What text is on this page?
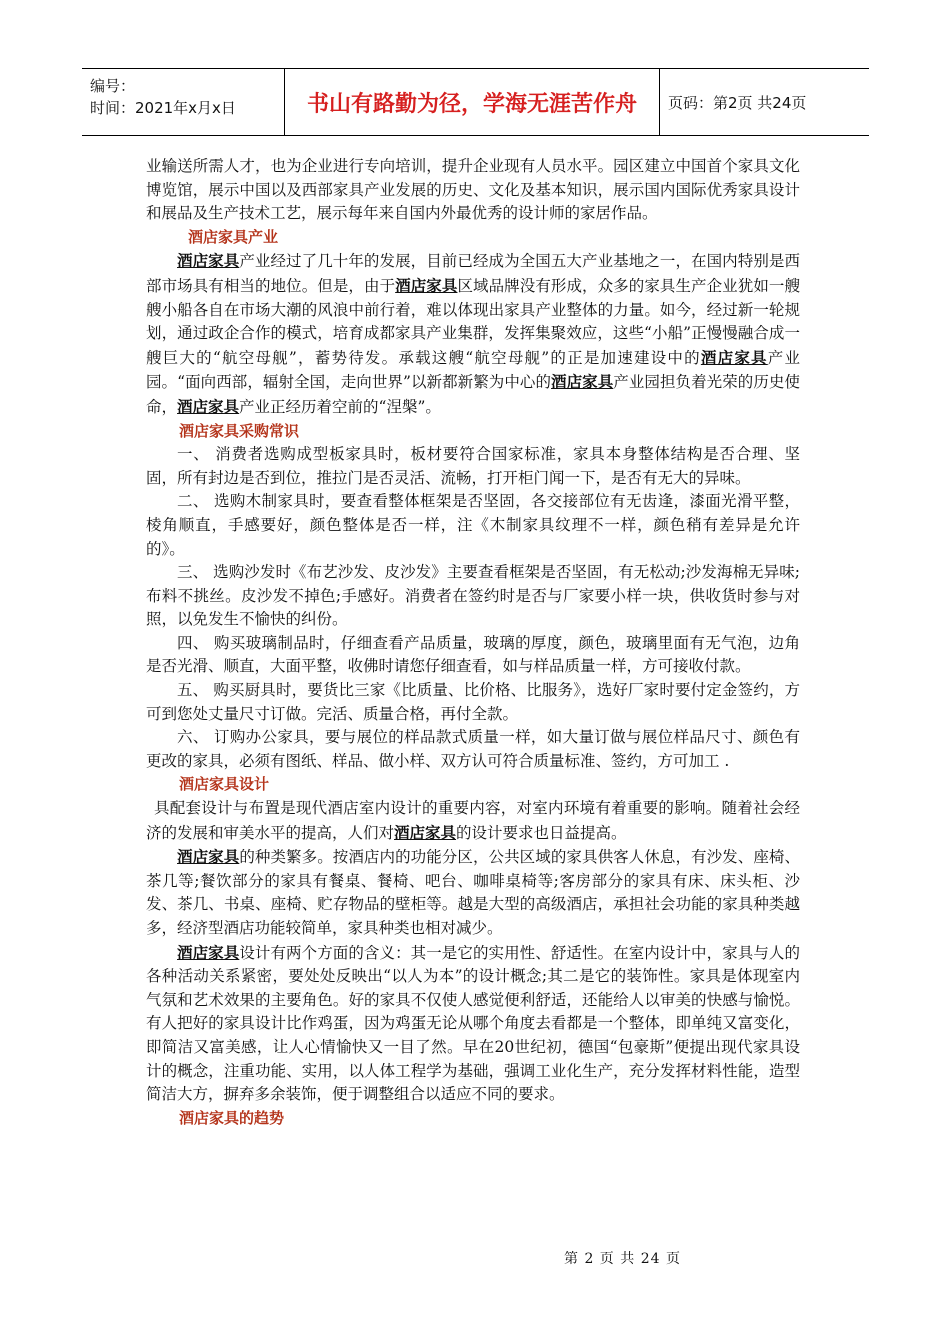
编号：
时间：2021年x月x日	书山有路勤为径，学海无涯苦作舟	页码：第2页 共24页

业输送所需人才，也为企业进行专向培训，提升企业现有人员水平。园区建立中国首个家具文化博览馆，展示中国以及西部家具产业发展的历史、文化及基本知识，展示国内国际优秀家具设计和展品及生产技术工艺，展示每年来自国内外最优秀的设计师的家居作品。

酒店家具产业

酒店家具产业经过了几十年的发展，目前已经成为全国五大产业基地之一，在国内特别是西部市场具有相当的地位。但是，由于酒店家具区域品牌没有形成，众多的家具生产企业犹如一艘艘小船各自在市场大潮的风浪中前行着，难以体现出家具产业整体的力量。如今，经过新一轮规划，通过政企合作的模式，培育成都家具产业集群，发挥集聚效应，这些“小船”正慢慢融合成一艘巨大的“航空母舰”，蓄势待发。承载这艘“航空母舰”的正是加速建设中的酒店家具产业园。“面向西部，辐射全国，走向世界”以新都新繁为中心的酒店家具产业园担负着光荣的历史使命，酒店家具产业正经历着空前的“涅槃”。

酒店家具采购常识

一、 消费者选购成型板家具时，板材要符合国家标准，家具本身整体结构是否合理、坚固，所有封边是否到位，推拉门是否灵活、流畅，打开柜门闻一下，是否有无大的异味。

二、 选购木制家具时，要查看整体框架是否坚固，各交接部位有无齿逢，漆面光滑平整，棱角顺直，手感要好，颜色整体是否一样，注《木制家具纹理不一样，颜色稍有差异是允许的》。

三、 选购沙发时《布艺沙发、皮沙发》主要查看框架是否坚固，有无松动;沙发海棉无异味;布料不挑丝。皮沙发不掉色;手感好。消费者在签约时是否与厂家要小样一块，供收货时参与对照，以免发生不愉快的纠份。

四、 购买玻璃制品时，仔细查看产品质量，玻璃的厚度，颜色，玻璃里面有无气泡，边角是否光滑、顺直，大面平整，收佛时请您仔细查看，如与样品质量一样，方可接收付款。

五、 购买厨具时，要货比三家《比质量、比价格、比服务》，选好厂家时要付定金签约，方可到您处丈量尺寸订做。完活、质量合格，再付全款。

六、 订购办公家具，要与展位的样品款式质量一样，如大量订做与展位样品尺寸、颜色有更改的家具，必须有图纸、样品、做小样、双方认可符合质量标准、签约，方可加工 .

酒店家具设计

具配套设计与布置是现代酒店室内设计的重要内容，对室内环境有着重要的影响。随着社会经济的发展和审美水平的提高，人们对酒店家具的设计要求也日益提高。

酒店家具的种类繁多。按酒店内的功能分区，公共区域的家具供客人休息，有沙发、座椅、茶几等;餐饮部分的家具有餐桌、餐椅、吧台、咖啡桌椅等;客房部分的家具有床、床头柜、沙发、茶几、书桌、座椅、贮存物品的壁柜等。越是大型的高级酒店，承担社会功能的家具种类越多，经济型酒店功能较简单，家具种类也相对减少。

酒店家具设计有两个方面的含义：其一是它的实用性、舒适性。在室内设计中，家具与人的各种活动关系紧密，要处处反映出“以人为本”的设计概念;其二是它的装饰性。家具是体现室内气氛和艺术效果的主要角色。好的家具不仅使人感觉便利舒适，还能给人以审美的快感与愉悦。有人把好的家具设计比作鸡蛋，因为鸡蛋无论从哪个角度去看都是一个整体，即单纯又富变化，即简洁又富美感，让人心情愉快又一目了然。早在20世纪初，德国“包豪斯”便提出现代家具设计的概念，注重功能、实用，以人体工程学为基础，强调工业化生产，充分发挥材料性能，造型简洁大方，摒弃多余装饰，便于调整组合以适应不同的要求。

酒店家具的趋势

第 2 页 共 24 页
